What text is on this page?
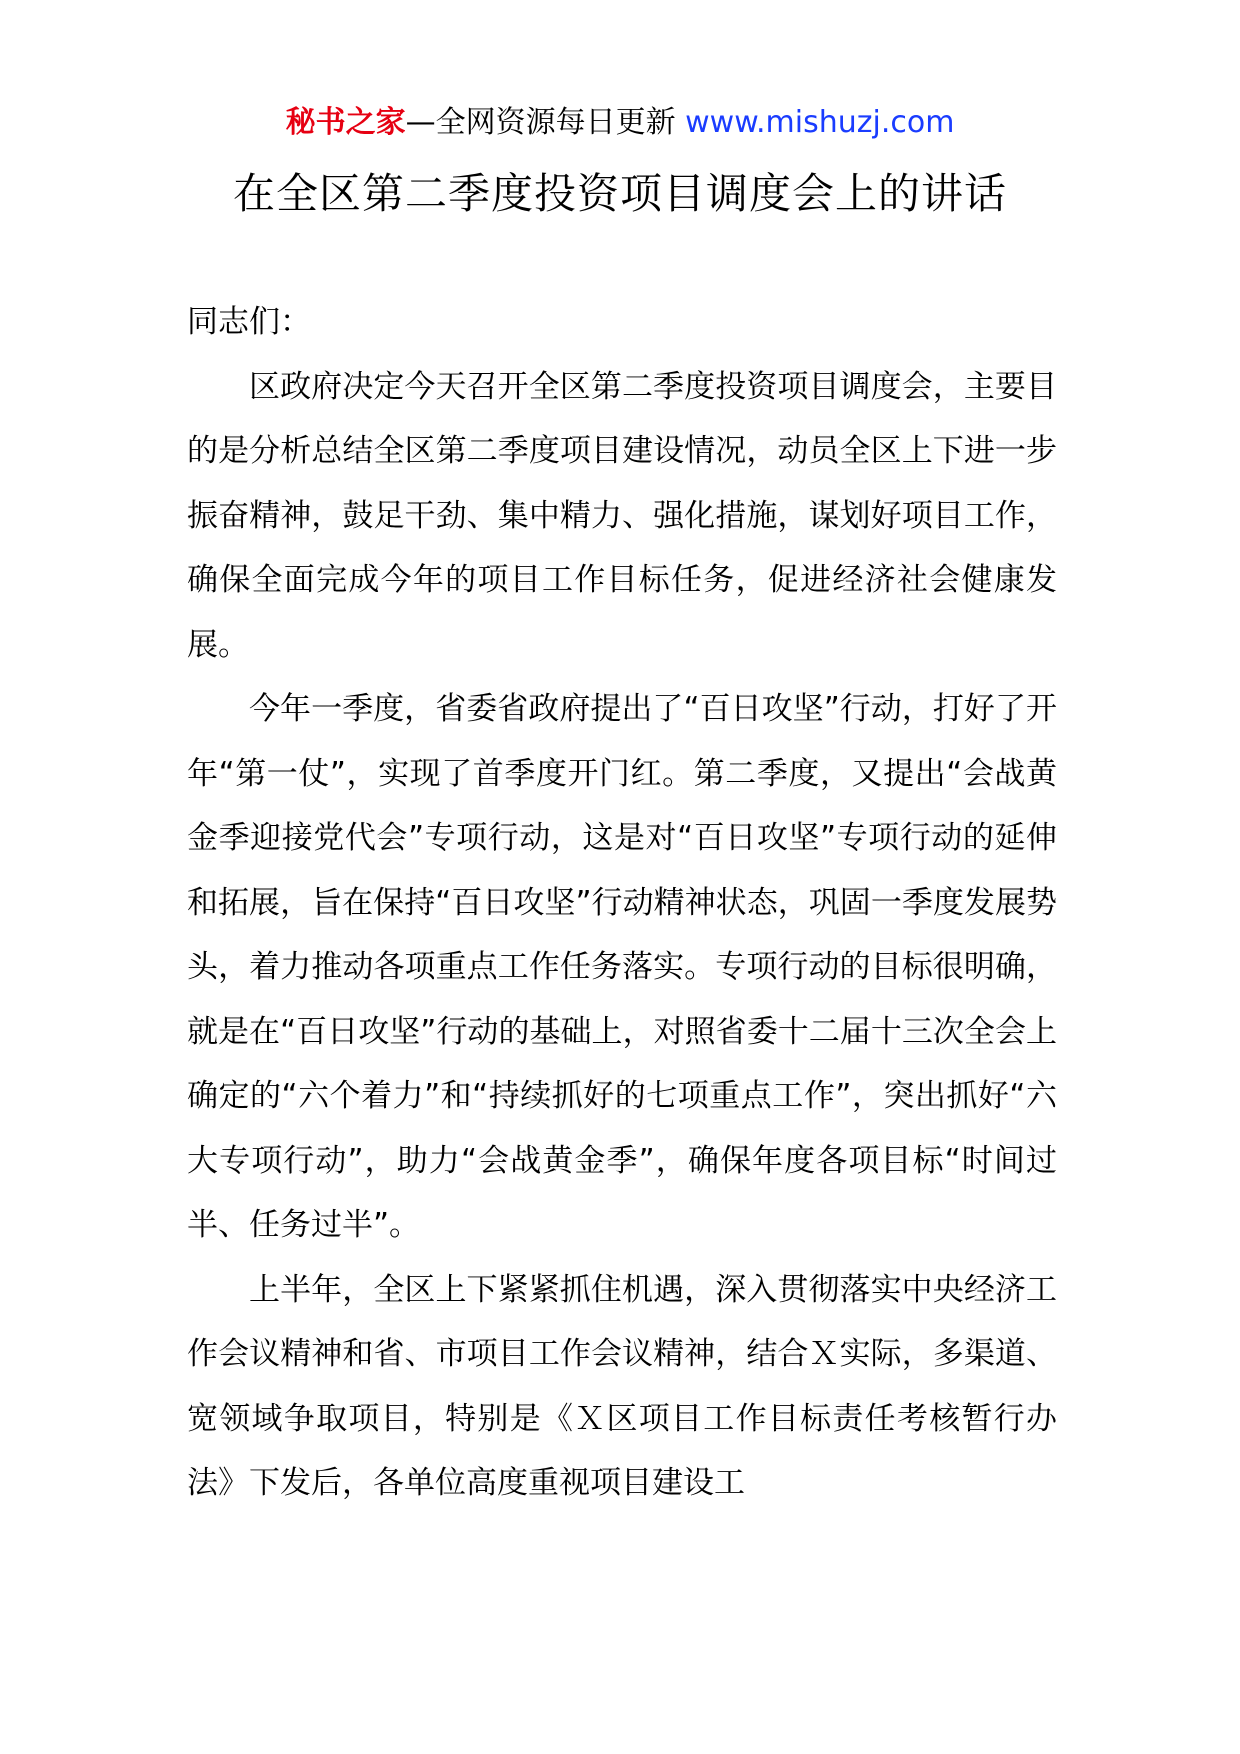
秘书之家—全网资源每日更新 www.mishuzj.com
在全区第二季度投资项目调度会上的讲话

同志们：

区政府决定今天召开全区第二季度投资项目调度会，主要目的是分析总结全区第二季度项目建设情况，动员全区上下进一步振奋精神，鼓足干劲、集中精力、强化措施，谋划好项目工作，确保全面完成今年的项目工作目标任务，促进经济社会健康发展。

今年一季度，省委省政府提出了“百日攻坚”行动，打好了开年“第一仗”，实现了首季度开门红。第二季度，又提出“会战黄金季迎接党代会”专项行动，这是对“百日攻坚”专项行动的延伸和拓展，旨在保持“百日攻坚”行动精神状态，巩固一季度发展势头，着力推动各项重点工作任务落实。专项行动的目标很明确，就是在“百日攻坚”行动的基础上，对照省委十二届十三次全会上确定的“六个着力”和“持续抓好的七项重点工作”，突出抓好“六大专项行动”，助力“会战黄金季”，确保年度各项目标“时间过半、任务过半”。

上半年，全区上下紧紧抓住机遇，深入贯彻落实中央经济工作会议精神和省、市项目工作会议精神，结合Ｘ实际，多渠道、宽领域争取项目，特别是《Ｘ区项目工作目标责任考核暂行办法》下发后，各单位高度重视项目建设工
